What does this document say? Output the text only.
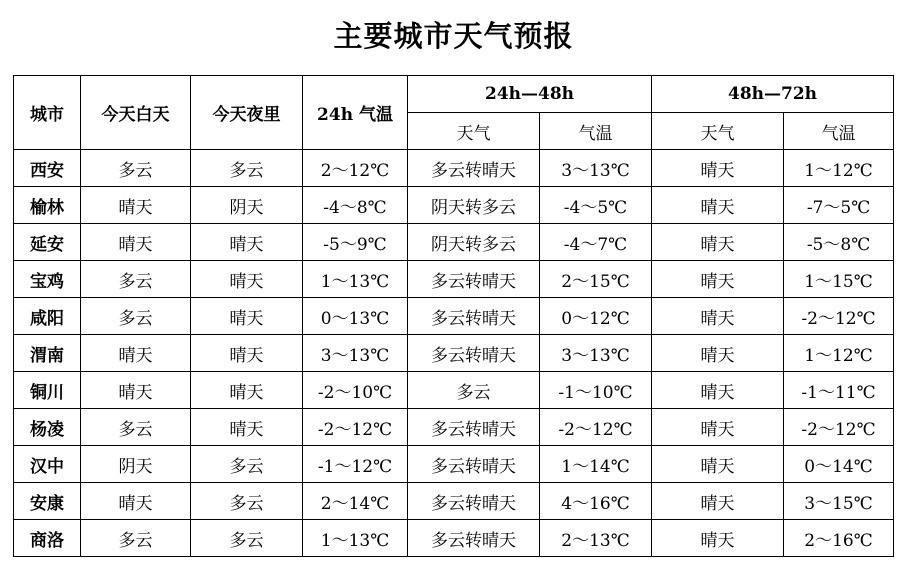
主要城市天气预报
城市	今天白天	今天夜里	24h 气温	24h—48h		48h—72h	
				天气	气温	天气	气温
西安	多云	多云	2～12℃	多云转晴天	3～13℃	晴天	1～12℃
榆林	晴天	阴天	-4～8℃	阴天转多云	-4～5℃	晴天	-7～5℃
延安	晴天	晴天	-5～9℃	阴天转多云	-4～7℃	晴天	-5～8℃
宝鸡	多云	晴天	1～13℃	多云转晴天	2～15℃	晴天	1～15℃
咸阳	多云	晴天	0～13℃	多云转晴天	0～12℃	晴天	-2～12℃
渭南	晴天	晴天	3～13℃	多云转晴天	3～13℃	晴天	1～12℃
铜川	晴天	晴天	-2～10℃	多云	-1～10℃	晴天	-1～11℃
杨凌	多云	晴天	-2～12℃	多云转晴天	-2～12℃	晴天	-2～12℃
汉中	阴天	多云	-1～12℃	多云转晴天	1～14℃	晴天	0～14℃
安康	晴天	多云	2～14℃	多云转晴天	4～16℃	晴天	3～15℃
商洛	多云	多云	1～13℃	多云转晴天	2～13℃	晴天	2～16℃
